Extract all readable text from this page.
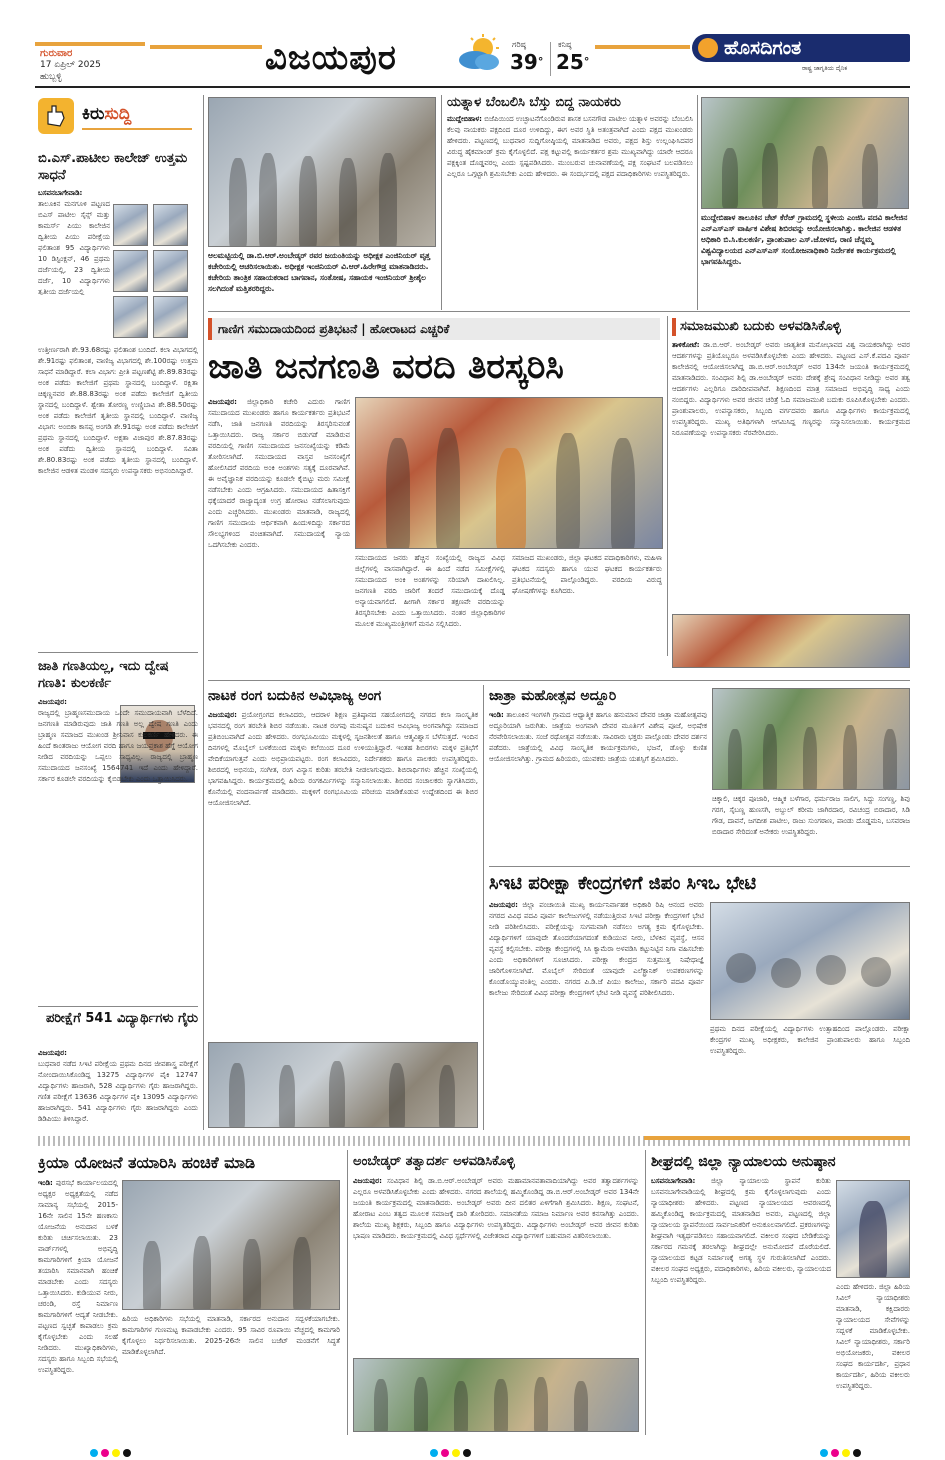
ಗುರುವಾರ
17 ಏಪ್ರಿಲ್ 2025
ಹುಬ್ಬಳ್ಳಿ	ವಿಜಯಪುರ	ಗರಿಷ್ಠ
39°
ಕನಿಷ್ಠ
25°
ಹೊಸದಿಗಂತ
ರಾಷ್ಟ್ರ ಜಾಗೃತಿಯ ದೈನಿಕ
ಕಿರುಸುದ್ದಿ
ಬಿ.ಎಸ್.ಪಾಟೀಲ ಕಾಲೇಜ್ ಉತ್ತಮ ಸಾಧನೆ
ಬಸವನಬಾಗೇವಾಡಿ:
ತಾಲೂಕಿನ ಮನಗೂಳಿ ಪಟ್ಟಣದ ಬಿಎಸ್ ಪಾಟೀಲ ಸೈನ್ಸ್ ಮತ್ತು ಕಾಮರ್ಸ್ ಪಿಯು ಕಾಲೇಜಿನ ದ್ವಿತೀಯ ಪಿಯು ಪರೀಕ್ಷೆಯ ಫಲಿತಾಂಶ 95 ವಿದ್ಯಾರ್ಥಿಗಳು 10 ಡಿಸ್ಟಿಂಕ್ಷನ್, 46 ಪ್ರಥಮ ದರ್ಜೆಯಲ್ಲಿ, 23 ದ್ವಿತೀಯ ದರ್ಜೆ, 10 ವಿದ್ಯಾರ್ಥಿಗಳು ತೃತೀಯ ದರ್ಜೆಯಲ್ಲಿ
ಉತ್ತೀರ್ಣರಾಗಿ ಶೇ.93.68ರಷ್ಟು ಫಲಿತಾಂಶ ಬಂದಿದೆ. ಕಲಾ ವಿಭಾಗದಲ್ಲಿ ಶೇ.91ರಷ್ಟು ಫಲಿತಾಂಶ, ವಾಣಿಜ್ಯ ವಿಭಾಗದಲ್ಲಿ ಶೇ.100ರಷ್ಟು ಉತ್ತಮ ಸಾಧನೆ ಮಾಡಿದ್ದಾರೆ. ಕಲಾ ವಿಭಾಗ: ಪ್ರೀತಿ ಪಟ್ಟಣಶೆಟ್ಟಿ ಶೇ.89.83ರಷ್ಟು ಅಂಕ ಪಡೆದು ಕಾಲೇಜಿಗೆ ಪ್ರಥಮ ಸ್ಥಾನದಲ್ಲಿ ಬಂದಿದ್ದಾಳೆ. ರಕ್ಷಿತಾ ಚಿಕ್ಕಣ್ಣನವರ ಶೇ.88.83ರಷ್ಟು ಅಂಕ ಪಡೆದು ಕಾಲೇಜಿಗೆ ದ್ವಿತೀಯ ಸ್ಥಾನದಲ್ಲಿ ಬಂದಿದ್ದಾಳೆ. ಶ್ವೇತಾ ತೋರಣ್ಣ ಉಣ್ಣಿಬಾವಿ ಶೇ.88.50ರಷ್ಟು ಅಂಕ ಪಡೆದು ಕಾಲೇಜಿಗೆ ತೃತೀಯ ಸ್ಥಾನದಲ್ಲಿ ಬಂದಿದ್ದಾಳೆ. ವಾಣಿಜ್ಯ ವಿಭಾಗ: ಅಂಬಿಕಾ ಕಾಸಪ್ಪ ಅಂಗಡಿ ಶೇ.91ರಷ್ಟು ಅಂಕ ಪಡೆದು ಕಾಲೇಜಿಗೆ ಪ್ರಥಮ ಸ್ಥಾನದಲ್ಲಿ ಬಂದಿದ್ದಾಳೆ. ಅಕ್ಷತಾ ವಿಜಾಪುರ ಶೇ.87.83ರಷ್ಟು ಅಂಕ ಪಡೆದು ದ್ವಿತೀಯ ಸ್ಥಾನದಲ್ಲಿ ಬಂದಿದ್ದಾಳೆ. ಸವಿತಾ ಶೇ.80.83ರಷ್ಟು ಅಂಕ ಪಡೆದು ತೃತೀಯ ಸ್ಥಾನದಲ್ಲಿ ಬಂದಿದ್ದಾಳೆ. ಕಾಲೇಜಿನ ಆಡಳಿತ ಮಂಡಳಿ ಸದಸ್ಯರು ಉಪನ್ಯಾಸಕರು ಅಭಿನಂದಿಸಿದ್ದಾರೆ.
ಜಾತಿ ಗಣತಿಯಲ್ಲ, ಇದು ದ್ವೇಷ ಗಣತಿ: ಕುಲಕರ್ಣಿ
ವಿಜಯಪುರ:
ರಾಜ್ಯದಲ್ಲಿ ಬ್ರಾಹ್ಮಣಸಮುದಾಯ ಒಂದೇ ಸಮುದಾಯವಾಗಿ ಬೆಳೆದಿದೆ. ಜನಗಣತಿ ಮಾಡಿರುವುದು ಜಾತಿ ಗಣತಿ ಅಲ್ಲ ದ್ವೇಷ ಗಣತಿ ಎಂದು ಬ್ರಾಹ್ಮಣ ಸಮಾಜದ ಮುಖಂಡ ಶ್ರೀನಿವಾಸ ಕುಲಕರ್ಣಿ ಹೇಳಿದರು. ಈ ಹಿಂದೆ ಕಾಂತರಾಜು ಆಯೋಗ ವರದಿ ಹಾಗೂ ಜಯಪ್ರಕಾಶ ಹೆಗ್ಡೆ ಆಯೋಗ ನೀಡಿದ ವರದಿಯನ್ನು ಒಪ್ಪಲು ಸಾಧ್ಯವಿಲ್ಲ. ರಾಜ್ಯದಲ್ಲಿ ಬ್ರಾಹ್ಮಣ ಸಮುದಾಯದ ಜನಸಂಖ್ಯೆ 1564741 ಇದೆ ಎಂದು ಹೇಳಿದ್ದಾರೆ. ಸರ್ಕಾರ ಕೂಡಲೇ ವರದಿಯನ್ನು ಕೈಬಿಡಬೇಕು ಎಂದು ಒತ್ತಾಯಿಸಿದರು.
ಪರೀಕ್ಷೆಗೆ 541 ವಿದ್ಯಾರ್ಥಿಗಳು ಗೈರು
ವಿಜಯಪುರ:
ಬುಧವಾರ ನಡೆದ ಸಿಇಟಿ ಪರೀಕ್ಷೆಯ ಪ್ರಥಮ ದಿನದ ಜೀವಶಾಸ್ತ್ರ ಪರೀಕ್ಷೆಗೆ ನೋಂದಾಯಿಸಿಕೊಂಡಿದ್ದ 13275 ವಿದ್ಯಾರ್ಥಿಗಳ ಪೈಕಿ 12747 ವಿದ್ಯಾರ್ಥಿಗಳು ಹಾಜರಾಗಿ, 528 ವಿದ್ಯಾರ್ಥಿಗಳು ಗೈರು ಹಾಜರಾಗಿದ್ದರು. ಗಣಿತ ಪರೀಕ್ಷೆಗೆ 13636 ವಿದ್ಯಾರ್ಥಿಗಳ ಪೈಕಿ 13095 ವಿದ್ಯಾರ್ಥಿಗಳು ಹಾಜರಾಗಿದ್ದರು. 541 ವಿದ್ಯಾರ್ಥಿಗಳು ಗೈರು ಹಾಜರಾಗಿದ್ದರು ಎಂದು ಡಿಡಿಪಿಯು ತಿಳಿಸಿದ್ದಾರೆ.
ಆಲಮಟ್ಟಿಯಲ್ಲಿ ಡಾ.ಬಿ.ಆರ್.ಅಂಬೇಡ್ಕರ್ ರವರ ಜಯಂತಿಯನ್ನು ಅಧೀಕ್ಷಕ ಎಂಜಿನಿಯರ್ ವೃತ್ತ ಕಚೇರಿಯಲ್ಲಿ ಆಚರಿಸಲಾಯಿತು. ಅಧೀಕ್ಷಕ ಇಂಜಿನಿಯರ್ ವಿ.ಆರ್.ಹಿರೇಗೌಡ್ರ ಮಾತನಾಡಿದರು. ಕಚೇರಿಯ ತಾಂತ್ರಿಕ ಸಹಾಯಕರಾದ ಬಾಗವಾನ, ಸಂತೋಷ, ಸಹಾಯಕ ಇಂಜಿನಿಯರ್ ಶ್ರೀಶೈಲ ಸಲಗಿದಂತೆ ಮತ್ತಿತರರಿದ್ದರು.
ಯತ್ನಾಳ ಬೆಂಬಲಿಸಿ ಬೆಸ್ತು ಬಿದ್ದ ನಾಯಕರು
ಮುದ್ದೇಬಿಹಾಳ: ಬಿಜೆಪಿಯಿಂದ ಉಚ್ಛಾಟನೆಗೊಂಡಿರುವ ಶಾಸಕ ಬಸನಗೌಡ ಪಾಟೀಲ ಯತ್ನಾಳ ಅವರನ್ನು ಬೆಂಬಲಿಸಿ ಕೆಲವು ನಾಯಕರು ಪಕ್ಷದಿಂದ ದೂರ ಉಳಿದಿದ್ದು, ಈಗ ಅವರ ಸ್ಥಿತಿ ಅತಂತ್ರವಾಗಿದೆ ಎಂದು ಪಕ್ಷದ ಮುಖಂಡರು ಹೇಳಿದರು. ಪಟ್ಟಣದಲ್ಲಿ ಬುಧವಾರ ಸುದ್ದಿಗೋಷ್ಠಿಯಲ್ಲಿ ಮಾತನಾಡಿದ ಅವರು, ಪಕ್ಷದ ಶಿಸ್ತು ಉಲ್ಲಂಘಿಸಿದವರ ವಿರುದ್ಧ ಹೈಕಮಾಂಡ್ ಕ್ರಮ ಕೈಗೊಳ್ಳಲಿದೆ. ಪಕ್ಷ ಕಟ್ಟುವಲ್ಲಿ ಕಾರ್ಯಕರ್ತರ ಶ್ರಮ ಮುಖ್ಯವಾಗಿದ್ದು ಯಾರೇ ಆದರೂ ಪಕ್ಷಕ್ಕಿಂತ ದೊಡ್ಡವರಲ್ಲ ಎಂದು ಸ್ಪಷ್ಟಪಡಿಸಿದರು. ಮುಂಬರುವ ಚುನಾವಣೆಯಲ್ಲಿ ಪಕ್ಷ ಸಂಘಟನೆ ಬಲಪಡಿಸಲು ಎಲ್ಲರೂ ಒಗ್ಗಟ್ಟಾಗಿ ಶ್ರಮಿಸಬೇಕು ಎಂದು ಹೇಳಿದರು. ಈ ಸಂದರ್ಭದಲ್ಲಿ ಪಕ್ಷದ ಪದಾಧಿಕಾರಿಗಳು ಉಪಸ್ಥಿತರಿದ್ದರು.
ಮುದ್ದೇಬಿಹಾಳ ತಾಲೂಕಿನ ಚೆಟ್ ಕೆರೆಜ್ ಗ್ರಾಮದಲ್ಲಿ ಸ್ಥಳೀಯ ಎಂಜಿಓ ಪದವಿ ಕಾಲೇಜಿನ ಎನ್‌ಎಸ್‌ಎಸ್ ವಾರ್ಷಿಕ ವಿಶೇಷ ಶಿಬಿರವನ್ನು ಆಯೋಜಿಸಲಾಗಿತ್ತು. ಕಾಲೇಜಿನ ಆಡಳಿತ ಅಧಿಕಾರಿ ಬಿ.ಸಿ.ಕುಲಕರ್ಣಿ, ಪ್ರಾಂಶುಪಾಲ ಎಸ್.ಜೋಳದ, ರಾಣಿ ಚೆನ್ನಮ್ಮ ವಿಶ್ವವಿದ್ಯಾಲಯದ ಎನ್‌ಎಸ್‌ಎಸ್ ಸಂಯೋಜನಾಧಿಕಾರಿ ನಿರ್ದೇಶಕ ಕಾರ್ಯಕ್ರಮದಲ್ಲಿ ಭಾಗವಹಿಸಿದ್ದರು.
ಗಾಣಿಗ ಸಮುದಾಯದಿಂದ ಪ್ರತಿಭಟನೆ | ಹೋರಾಟದ ಎಚ್ಚರಿಕೆ
ಜಾತಿ ಜನಗಣತಿ ವರದಿ ತಿರಸ್ಕರಿಸಿ
ವಿಜಯಪುರ: ಜಿಲ್ಲಾಧಿಕಾರಿ ಕಚೇರಿ ಎದುರು ಗಾಣಿಗ ಸಮುದಾಯದ ಮುಖಂಡರು ಹಾಗೂ ಕಾರ್ಯಕರ್ತರು ಪ್ರತಿಭಟನೆ ನಡೆಸಿ, ಜಾತಿ ಜನಗಣತಿ ವರದಿಯನ್ನು ತಿರಸ್ಕರಿಸುವಂತೆ ಒತ್ತಾಯಿಸಿದರು. ರಾಜ್ಯ ಸರ್ಕಾರ ಬಿಡುಗಡೆ ಮಾಡಿರುವ ವರದಿಯಲ್ಲಿ ಗಾಣಿಗ ಸಮುದಾಯದ ಜನಸಂಖ್ಯೆಯನ್ನು ಕಡಿಮೆ ತೋರಿಸಲಾಗಿದೆ. ಸಮುದಾಯದ ವಾಸ್ತವ ಜನಸಂಖ್ಯೆಗೆ ಹೋಲಿಸಿದರೆ ವರದಿಯ ಅಂಕಿ ಅಂಶಗಳು ಸತ್ಯಕ್ಕೆ ದೂರವಾಗಿವೆ. ಈ ಅವೈಜ್ಞಾನಿಕ ವರದಿಯನ್ನು ಕೂಡಲೇ ಕೈಬಿಟ್ಟು ಮರು ಸಮೀಕ್ಷೆ ನಡೆಸಬೇಕು ಎಂದು ಆಗ್ರಹಿಸಿದರು. ಸಮುದಾಯದ ಹಿತಾಸಕ್ತಿಗೆ ಧಕ್ಕೆಯಾದರೆ ರಾಜ್ಯಾದ್ಯಂತ ಉಗ್ರ ಹೋರಾಟ ನಡೆಸಲಾಗುವುದು ಎಂದು ಎಚ್ಚರಿಸಿದರು. ಮುಖಂಡರು ಮಾತನಾಡಿ, ರಾಜ್ಯದಲ್ಲಿ ಗಾಣಿಗ ಸಮುದಾಯ ಆರ್ಥಿಕವಾಗಿ ಹಿಂದುಳಿದಿದ್ದು ಸರ್ಕಾರದ ಸೌಲಭ್ಯಗಳಿಂದ ವಂಚಿತವಾಗಿದೆ. ಸಮುದಾಯಕ್ಕೆ ನ್ಯಾಯ ಒದಗಿಸಬೇಕು ಎಂದರು.
ಸಮುದಾಯದ ಜನರು ಹೆಚ್ಚಿನ ಸಂಖ್ಯೆಯಲ್ಲಿ ರಾಜ್ಯದ ವಿವಿಧ ಜಿಲ್ಲೆಗಳಲ್ಲಿ ವಾಸವಾಗಿದ್ದಾರೆ. ಈ ಹಿಂದೆ ನಡೆದ ಸಮೀಕ್ಷೆಗಳಲ್ಲಿ ಸಮುದಾಯದ ಅಂಕಿ ಅಂಶಗಳನ್ನು ಸರಿಯಾಗಿ ದಾಖಲಿಸಿಲ್ಲ. ಜನಗಣತಿ ವರದಿ ಜಾರಿಗೆ ತಂದರೆ ಸಮುದಾಯಕ್ಕೆ ದೊಡ್ಡ ಅನ್ಯಾಯವಾಗಲಿದೆ. ಹೀಗಾಗಿ ಸರ್ಕಾರ ತಕ್ಷಣವೇ ವರದಿಯನ್ನು ತಿರಸ್ಕರಿಸಬೇಕು ಎಂದು ಒತ್ತಾಯಿಸಿದರು. ನಂತರ ಜಿಲ್ಲಾಧಿಕಾರಿಗಳ ಮೂಲಕ ಮುಖ್ಯಮಂತ್ರಿಗಳಿಗೆ ಮನವಿ ಸಲ್ಲಿಸಿದರು.
ಸಮಾಜದ ಮುಖಂಡರು, ಜಿಲ್ಲಾ ಘಟಕದ ಪದಾಧಿಕಾರಿಗಳು, ಮಹಿಳಾ ಘಟಕದ ಸದಸ್ಯರು ಹಾಗೂ ಯುವ ಘಟಕದ ಕಾರ್ಯಕರ್ತರು ಪ್ರತಿಭಟನೆಯಲ್ಲಿ ಪಾಲ್ಗೊಂಡಿದ್ದರು. ವರದಿಯ ವಿರುದ್ಧ ಘೋಷಣೆಗಳನ್ನು ಕೂಗಿದರು.
ಸಮಾಜಮುಖಿ ಬದುಕು ಅಳವಡಿಸಿಕೊಳ್ಳಿ
ತಾಳಿಕೋಟೆ: ಡಾ.ಬಿ.ಆರ್. ಅಂಬೇಡ್ಕರ್ ಅವರು ಜಾತ್ಯತೀತ ಮನೋಭಾವದ ವಿಶ್ವ ನಾಯಕರಾಗಿದ್ದು ಅವರ ಆದರ್ಶಗಳನ್ನು ಪ್ರತಿಯೊಬ್ಬರೂ ಅಳವಡಿಸಿಕೊಳ್ಳಬೇಕು ಎಂದು ಹೇಳಿದರು. ಪಟ್ಟಣದ ಎಸ್.ಕೆ.ಪದವಿ ಪೂರ್ವ ಕಾಲೇಜಿನಲ್ಲಿ ಆಯೋಜಿಸಲಾಗಿದ್ದ ಡಾ.ಬಿ.ಆರ್.ಅಂಬೇಡ್ಕರ್ ಅವರ 134ನೇ ಜಯಂತಿ ಕಾರ್ಯಕ್ರಮದಲ್ಲಿ ಮಾತನಾಡಿದರು. ಸಂವಿಧಾನ ಶಿಲ್ಪಿ ಡಾ.ಅಂಬೇಡ್ಕರ್ ಅವರು ದೇಶಕ್ಕೆ ಶ್ರೇಷ್ಠ ಸಂವಿಧಾನ ನೀಡಿದ್ದು ಅವರ ತತ್ವ ಆದರ್ಶಗಳು ಎಲ್ಲರಿಗೂ ದಾರಿದೀಪವಾಗಿವೆ. ಶಿಕ್ಷಣದಿಂದ ಮಾತ್ರ ಸಮಾಜದ ಅಭಿವೃದ್ಧಿ ಸಾಧ್ಯ ಎಂದು ನಂಬಿದ್ದರು. ವಿದ್ಯಾರ್ಥಿಗಳು ಅವರ ಜೀವನ ಚರಿತ್ರೆ ಓದಿ ಸಮಾಜಮುಖಿ ಬದುಕು ರೂಪಿಸಿಕೊಳ್ಳಬೇಕು ಎಂದರು. ಪ್ರಾಂಶುಪಾಲರು, ಉಪನ್ಯಾಸಕರು, ಸಿಬ್ಬಂದಿ ವರ್ಗದವರು ಹಾಗೂ ವಿದ್ಯಾರ್ಥಿಗಳು ಕಾರ್ಯಕ್ರಮದಲ್ಲಿ ಉಪಸ್ಥಿತರಿದ್ದರು. ಮುಖ್ಯ ಅತಿಥಿಗಳಾಗಿ ಆಗಮಿಸಿದ್ದ ಗಣ್ಯರನ್ನು ಸನ್ಮಾನಿಸಲಾಯಿತು. ಕಾರ್ಯಕ್ರಮದ ನಿರೂಪಣೆಯನ್ನು ಉಪನ್ಯಾಸಕರು ನೆರವೇರಿಸಿದರು.
ನಾಟಕ ರಂಗ ಬದುಕಿನ ಅವಿಭಾಜ್ಯ ಅಂಗ
ವಿಜಯಪುರ: ಪ್ರಯೋಗ್ರಂಗದ ಕಲಾವಿದರು, ಆದರಾಳ ಶಿಕ್ಷಣ ಪ್ರತಿಷ್ಠಾನದ ಸಹಯೋಗದಲ್ಲಿ ನಗರದ ಕಲಾ ಸಾಂಸ್ಕೃತಿಕ ಭವನದಲ್ಲಿ ರಂಗ ತರಬೇತಿ ಶಿಬಿರ ನಡೆಯಿತು. ನಾಟಕ ರಂಗವು ಮನುಷ್ಯನ ಬದುಕಿನ ಅವಿಭಾಜ್ಯ ಅಂಗವಾಗಿದ್ದು ಸಮಾಜದ ಪ್ರತಿಬಿಂಬವಾಗಿದೆ ಎಂದು ಹೇಳಿದರು. ರಂಗಭೂಮಿಯು ಮಕ್ಕಳಲ್ಲಿ ಸೃಜನಶೀಲತೆ ಹಾಗೂ ಆತ್ಮವಿಶ್ವಾಸ ಬೆಳೆಸುತ್ತದೆ. ಇಂದಿನ ದಿನಗಳಲ್ಲಿ ಮೊಬೈಲ್ ಬಳಕೆಯಿಂದ ಮಕ್ಕಳು ಕಲೆಯಿಂದ ದೂರ ಉಳಿಯುತ್ತಿದ್ದಾರೆ. ಇಂತಹ ಶಿಬಿರಗಳು ಮಕ್ಕಳ ಪ್ರತಿಭೆಗೆ ವೇದಿಕೆಯಾಗುತ್ತವೆ ಎಂದು ಅಭಿಪ್ರಾಯಪಟ್ಟರು. ರಂಗ ಕಲಾವಿದರು, ನಿರ್ದೇಶಕರು ಹಾಗೂ ಪಾಲಕರು ಉಪಸ್ಥಿತರಿದ್ದರು. ಶಿಬಿರದಲ್ಲಿ ಅಭಿನಯ, ಸಂಗೀತ, ರಂಗ ವಿನ್ಯಾಸ ಕುರಿತು ತರಬೇತಿ ನೀಡಲಾಗುವುದು. ಶಿಬಿರಾರ್ಥಿಗಳು ಹೆಚ್ಚಿನ ಸಂಖ್ಯೆಯಲ್ಲಿ ಭಾಗವಹಿಸಿದ್ದರು. ಕಾರ್ಯಕ್ರಮದಲ್ಲಿ ಹಿರಿಯ ರಂಗಕರ್ಮಿಗಳನ್ನು ಸನ್ಮಾನಿಸಲಾಯಿತು. ಶಿಬಿರದ ಸಂಚಾಲಕರು ಸ್ವಾಗತಿಸಿದರು, ಕೊನೆಯಲ್ಲಿ ವಂದನಾರ್ಪಣೆ ಮಾಡಿದರು. ಮಕ್ಕಳಿಗೆ ರಂಗಭೂಮಿಯ ಪರಿಚಯ ಮಾಡಿಕೊಡುವ ಉದ್ದೇಶದಿಂದ ಈ ಶಿಬಿರ ಆಯೋಜಿಸಲಾಗಿದೆ.
ಜಾತ್ರಾ ಮಹೋತ್ಸವ ಅದ್ದೂರಿ
ಇಂಡಿ: ತಾಲೂಕಿನ ಇಂಗಳಗಿ ಗ್ರಾಮದ ಆಧ್ಯಾತ್ಮಿಕ ಹಾಗೂ ಹನುಮಾನ ದೇವರ ಜಾತ್ರಾ ಮಹೋತ್ಸವವು ಅದ್ದೂರಿಯಾಗಿ ಜರುಗಿತು. ಜಾತ್ರೆಯ ಅಂಗವಾಗಿ ದೇವರ ಮೂರ್ತಿಗೆ ವಿಶೇಷ ಪೂಜೆ, ಅಭಿಷೇಕ ನೆರವೇರಿಸಲಾಯಿತು. ಸಂಜೆ ರಥೋತ್ಸವ ನಡೆಯಿತು. ಸಾವಿರಾರು ಭಕ್ತರು ಪಾಲ್ಗೊಂಡು ದೇವರ ದರ್ಶನ ಪಡೆದರು. ಜಾತ್ರೆಯಲ್ಲಿ ವಿವಿಧ ಸಾಂಸ್ಕೃತಿಕ ಕಾರ್ಯಕ್ರಮಗಳು, ಭಜನೆ, ಡೊಳ್ಳು ಕುಣಿತ ಆಯೋಜಿಸಲಾಗಿತ್ತು. ಗ್ರಾಮದ ಹಿರಿಯರು, ಯುವಕರು ಜಾತ್ರೆಯ ಯಶಸ್ಸಿಗೆ ಶ್ರಮಿಸಿದರು.
ಚಿಕ್ಕಾಲಿ, ಚಿಕ್ಕರ ಪೂಜಾರಿ, ಆಹ್ಮಿಕ ಬಳೆಗಾರ, ಧರ್ಮರಾಜ ಸಾಲಿಗ, ಸಿದ್ದು ಸಂಗಣ್ಣ, ಶಿವು ಗರಗ, ಸೈಬಣ್ಣ ಹುಣಸಗಿ, ಅಬ್ದುಲ್ ಕರೀಮ ಜಾಗಿರದಾರ, ರವಿಚಂದ್ರ ಬಿರಾದಾರ, ಸಿಡಿ ಗೌಡ, ದಾವನೆ, ಜಗದೀಶ ಪಾಟೀಲ, ರಾಜು ಸುಂಗಠಾಣ, ಪಾಂಡು ದೊಡ್ಡಮನಿ, ಬಸವರಾಜ ಬಿರಾದಾರ ಸೇರಿದಂತೆ ಅನೇಕರು ಉಪಸ್ಥಿತರಿದ್ದರು.
ಸಿಇಟಿ ಪರೀಕ್ಷಾ ಕೇಂದ್ರಗಳಿಗೆ ಜಿಪಂ ಸಿಇಒ ಭೇಟಿ
ವಿಜಯಪುರ: ಜಿಲ್ಲಾ ಪಂಚಾಯಿತಿ ಮುಖ್ಯ ಕಾರ್ಯನಿರ್ವಾಹಕ ಅಧಿಕಾರಿ ರಿಷಿ ಆನಂದ ಅವರು ನಗರದ ವಿವಿಧ ಪದವಿ ಪೂರ್ವ ಕಾಲೇಜುಗಳಲ್ಲಿ ನಡೆಯುತ್ತಿರುವ ಸಿಇಟಿ ಪರೀಕ್ಷಾ ಕೇಂದ್ರಗಳಿಗೆ ಭೇಟಿ ನೀಡಿ ಪರಿಶೀಲಿಸಿದರು. ಪರೀಕ್ಷೆಯನ್ನು ಸುಗಮವಾಗಿ ನಡೆಸಲು ಅಗತ್ಯ ಕ್ರಮ ಕೈಗೊಳ್ಳಬೇಕು. ವಿದ್ಯಾರ್ಥಿಗಳಿಗೆ ಯಾವುದೇ ತೊಂದರೆಯಾಗದಂತೆ ಕುಡಿಯುವ ನೀರು, ಬೆಳಕಿನ ವ್ಯವಸ್ಥೆ, ಆಸನ ವ್ಯವಸ್ಥೆ ಕಲ್ಪಿಸಬೇಕು. ಪರೀಕ್ಷಾ ಕೇಂದ್ರಗಳಲ್ಲಿ ಸಿಸಿ ಕ್ಯಾಮೆರಾ ಅಳವಡಿಸಿ ಕಟ್ಟುನಿಟ್ಟಿನ ನಿಗಾ ವಹಿಸಬೇಕು ಎಂದು ಅಧಿಕಾರಿಗಳಿಗೆ ಸೂಚಿಸಿದರು. ಪರೀಕ್ಷಾ ಕೇಂದ್ರದ ಸುತ್ತಮುತ್ತ ನಿಷೇಧಾಜ್ಞೆ ಜಾರಿಗೊಳಿಸಲಾಗಿದೆ. ಮೊಬೈಲ್ ಸೇರಿದಂತೆ ಯಾವುದೇ ಎಲೆಕ್ಟ್ರಾನಿಕ್ ಉಪಕರಣಗಳನ್ನು ಕೊಂಡೊಯ್ಯುವಂತಿಲ್ಲ ಎಂದರು. ನಗರದ ಪಿ.ಡಿ.ಜೆ ಪಿಯು ಕಾಲೇಜು, ಸರ್ಕಾರಿ ಪದವಿ ಪೂರ್ವ ಕಾಲೇಜು ಸೇರಿದಂತೆ ವಿವಿಧ ಪರೀಕ್ಷಾ ಕೇಂದ್ರಗಳಿಗೆ ಭೇಟಿ ನೀಡಿ ವ್ಯವಸ್ಥೆ ಪರಿಶೀಲಿಸಿದರು.
ಪ್ರಥಮ ದಿನದ ಪರೀಕ್ಷೆಯಲ್ಲಿ ವಿದ್ಯಾರ್ಥಿಗಳು ಉತ್ಸಾಹದಿಂದ ಪಾಲ್ಗೊಂಡರು. ಪರೀಕ್ಷಾ ಕೇಂದ್ರಗಳ ಮುಖ್ಯ ಅಧೀಕ್ಷಕರು, ಕಾಲೇಜಿನ ಪ್ರಾಂಶುಪಾಲರು ಹಾಗೂ ಸಿಬ್ಬಂದಿ ಉಪಸ್ಥಿತರಿದ್ದರು.
ಕ್ರಿಯಾ ಯೋಜನೆ ತಯಾರಿಸಿ ಹಂಚಿಕೆ ಮಾಡಿ
ಇಂಡಿ: ಪುರಸಭೆ ಕಾರ್ಯಾಲಯದಲ್ಲಿ ಅಧ್ಯಕ್ಷರ ಅಧ್ಯಕ್ಷತೆಯಲ್ಲಿ ನಡೆದ ಸಾಮಾನ್ಯ ಸಭೆಯಲ್ಲಿ 2015-16ನೇ ಸಾಲಿನ 15ನೇ ಹಣಕಾಸು ಯೋಜನೆಯ ಅನುದಾನ ಬಳಕೆ ಕುರಿತು ಚರ್ಚಿಸಲಾಯಿತು. 23 ವಾರ್ಡ್‌ಗಳಲ್ಲಿ ಅಭಿವೃದ್ಧಿ ಕಾಮಗಾರಿಗಳಿಗೆ ಕ್ರಿಯಾ ಯೋಜನೆ ತಯಾರಿಸಿ ಸಮಾನವಾಗಿ ಹಂಚಿಕೆ ಮಾಡಬೇಕು ಎಂದು ಸದಸ್ಯರು ಒತ್ತಾಯಿಸಿದರು. ಕುಡಿಯುವ ನೀರು, ಚರಂಡಿ, ರಸ್ತೆ ನಿರ್ಮಾಣ ಕಾಮಗಾರಿಗಳಿಗೆ ಆದ್ಯತೆ ನೀಡಬೇಕು. ಪಟ್ಟಣದ ಸ್ವಚ್ಛತೆ ಕಾಪಾಡಲು ಕ್ರಮ ಕೈಗೊಳ್ಳಬೇಕು ಎಂದು ಸಲಹೆ ನೀಡಿದರು. ಮುಖ್ಯಾಧಿಕಾರಿಗಳು, ಸದಸ್ಯರು ಹಾಗೂ ಸಿಬ್ಬಂದಿ ಸಭೆಯಲ್ಲಿ ಉಪಸ್ಥಿತರಿದ್ದರು.
ಹಿರಿಯ ಅಧಿಕಾರಿಗಳು ಸಭೆಯಲ್ಲಿ ಮಾತನಾಡಿ, ಸರ್ಕಾರದ ಅನುದಾನ ಸದ್ಬಳಕೆಯಾಗಬೇಕು. ಕಾಮಗಾರಿಗಳ ಗುಣಮಟ್ಟ ಕಾಪಾಡಬೇಕು ಎಂದರು. 95 ಸಾವಿರ ರೂಪಾಯಿ ವೆಚ್ಚದಲ್ಲಿ ಕಾಮಗಾರಿ ಕೈಗೊಳ್ಳಲು ನಿರ್ಧರಿಸಲಾಯಿತು. 2025-26ನೇ ಸಾಲಿನ ಬಜೆಟ್ ಮಂಡನೆಗೆ ಸಿದ್ಧತೆ ಮಾಡಿಕೊಳ್ಳಲಾಗಿದೆ.
ಅಂಬೇಡ್ಕರ್ ತತ್ವಾದರ್ಶ ಅಳವಡಿಸಿಕೊಳ್ಳಿ
ವಿಜಯಪುರ: ಸಂವಿಧಾನ ಶಿಲ್ಪಿ ಡಾ.ಬಿ.ಆರ್.ಅಂಬೇಡ್ಕರ್ ಅವರು ಮಹಾಮಾನವತಾವಾದಿಯಾಗಿದ್ದು ಅವರ ತತ್ವಾದರ್ಶಗಳನ್ನು ಎಲ್ಲರೂ ಅಳವಡಿಸಿಕೊಳ್ಳಬೇಕು ಎಂದು ಹೇಳಿದರು. ನಗರದ ಶಾಲೆಯಲ್ಲಿ ಹಮ್ಮಿಕೊಂಡಿದ್ದ ಡಾ.ಬಿ.ಆರ್.ಅಂಬೇಡ್ಕರ್ ಅವರ 134ನೇ ಜಯಂತಿ ಕಾರ್ಯಕ್ರಮದಲ್ಲಿ ಮಾತನಾಡಿದರು. ಅಂಬೇಡ್ಕರ್ ಅವರು ದೀನ ದಲಿತರ ಏಳಿಗೆಗಾಗಿ ಶ್ರಮಿಸಿದರು. ಶಿಕ್ಷಣ, ಸಂಘಟನೆ, ಹೋರಾಟ ಎಂಬ ತತ್ವದ ಮೂಲಕ ಸಮಾಜಕ್ಕೆ ದಾರಿ ತೋರಿದರು. ಸಮಾನತೆಯ ಸಮಾಜ ನಿರ್ಮಾಣ ಅವರ ಕನಸಾಗಿತ್ತು ಎಂದರು. ಶಾಲೆಯ ಮುಖ್ಯ ಶಿಕ್ಷಕರು, ಸಿಬ್ಬಂದಿ ಹಾಗೂ ವಿದ್ಯಾರ್ಥಿಗಳು ಉಪಸ್ಥಿತರಿದ್ದರು. ವಿದ್ಯಾರ್ಥಿಗಳು ಅಂಬೇಡ್ಕರ್ ಅವರ ಜೀವನ ಕುರಿತು ಭಾಷಣ ಮಾಡಿದರು. ಕಾರ್ಯಕ್ರಮದಲ್ಲಿ ವಿವಿಧ ಸ್ಪರ್ಧೆಗಳಲ್ಲಿ ವಿಜೇತರಾದ ವಿದ್ಯಾರ್ಥಿಗಳಿಗೆ ಬಹುಮಾನ ವಿತರಿಸಲಾಯಿತು.
ಶೀಘ್ರದಲ್ಲಿ ಜಿಲ್ಲಾ ನ್ಯಾಯಾಲಯ ಅನುಷ್ಠಾನ
ಬಸವನಬಾಗೇವಾಡಿ: ಜಿಲ್ಲಾ ನ್ಯಾಯಾಲಯ ಸ್ಥಾಪನೆ ಕುರಿತು ಬಸವನಬಾಗೇವಾಡಿಯಲ್ಲಿ ಶೀಘ್ರದಲ್ಲಿ ಕ್ರಮ ಕೈಗೊಳ್ಳಲಾಗುವುದು ಎಂದು ನ್ಯಾಯಾಧೀಶರು ಹೇಳಿದರು. ಪಟ್ಟಣದ ನ್ಯಾಯಾಲಯದ ಆವರಣದಲ್ಲಿ ಹಮ್ಮಿಕೊಂಡಿದ್ದ ಕಾರ್ಯಕ್ರಮದಲ್ಲಿ ಮಾತನಾಡಿದ ಅವರು, ಪಟ್ಟಣದಲ್ಲಿ ಜಿಲ್ಲಾ ನ್ಯಾಯಾಲಯ ಸ್ಥಾಪನೆಯಿಂದ ಸಾರ್ವಜನಿಕರಿಗೆ ಅನುಕೂಲವಾಗಲಿದೆ. ಪ್ರಕರಣಗಳನ್ನು ಶೀಘ್ರವಾಗಿ ಇತ್ಯರ್ಥಪಡಿಸಲು ಸಹಾಯವಾಗಲಿದೆ. ವಕೀಲರ ಸಂಘದ ಬೇಡಿಕೆಯನ್ನು ಸರ್ಕಾರದ ಗಮನಕ್ಕೆ ತರಲಾಗಿದ್ದು ಶೀಘ್ರದಲ್ಲೇ ಅನುಮೋದನೆ ದೊರೆಯಲಿದೆ. ನ್ಯಾಯಾಲಯದ ಕಟ್ಟಡ ನಿರ್ಮಾಣಕ್ಕೆ ಅಗತ್ಯ ಸ್ಥಳ ಗುರುತಿಸಲಾಗಿದೆ ಎಂದರು. ವಕೀಲರ ಸಂಘದ ಅಧ್ಯಕ್ಷರು, ಪದಾಧಿಕಾರಿಗಳು, ಹಿರಿಯ ವಕೀಲರು, ನ್ಯಾಯಾಲಯದ ಸಿಬ್ಬಂದಿ ಉಪಸ್ಥಿತರಿದ್ದರು.
ಎಂದು ಹೇಳಿದರು. ಜಿಲ್ಲಾ ಹಿರಿಯ ಸಿವಿಲ್ ನ್ಯಾಯಾಧೀಶರು ಮಾತನಾಡಿ, ಕಕ್ಷಿದಾರರು ನ್ಯಾಯಾಲಯದ ಸೇವೆಗಳನ್ನು ಸದ್ಬಳಕೆ ಮಾಡಿಕೊಳ್ಳಬೇಕು. ಸಿವಿಲ್ ನ್ಯಾಯಾಧೀಶರು, ಸರ್ಕಾರಿ ಅಭಿಯೋಜಕರು, ವಕೀಲರ ಸಂಘದ ಕಾರ್ಯದರ್ಶಿ, ಪ್ರಧಾನ ಕಾರ್ಯದರ್ಶಿ, ಹಿರಿಯ ವಕೀಲರು ಉಪಸ್ಥಿತರಿದ್ದರು.
